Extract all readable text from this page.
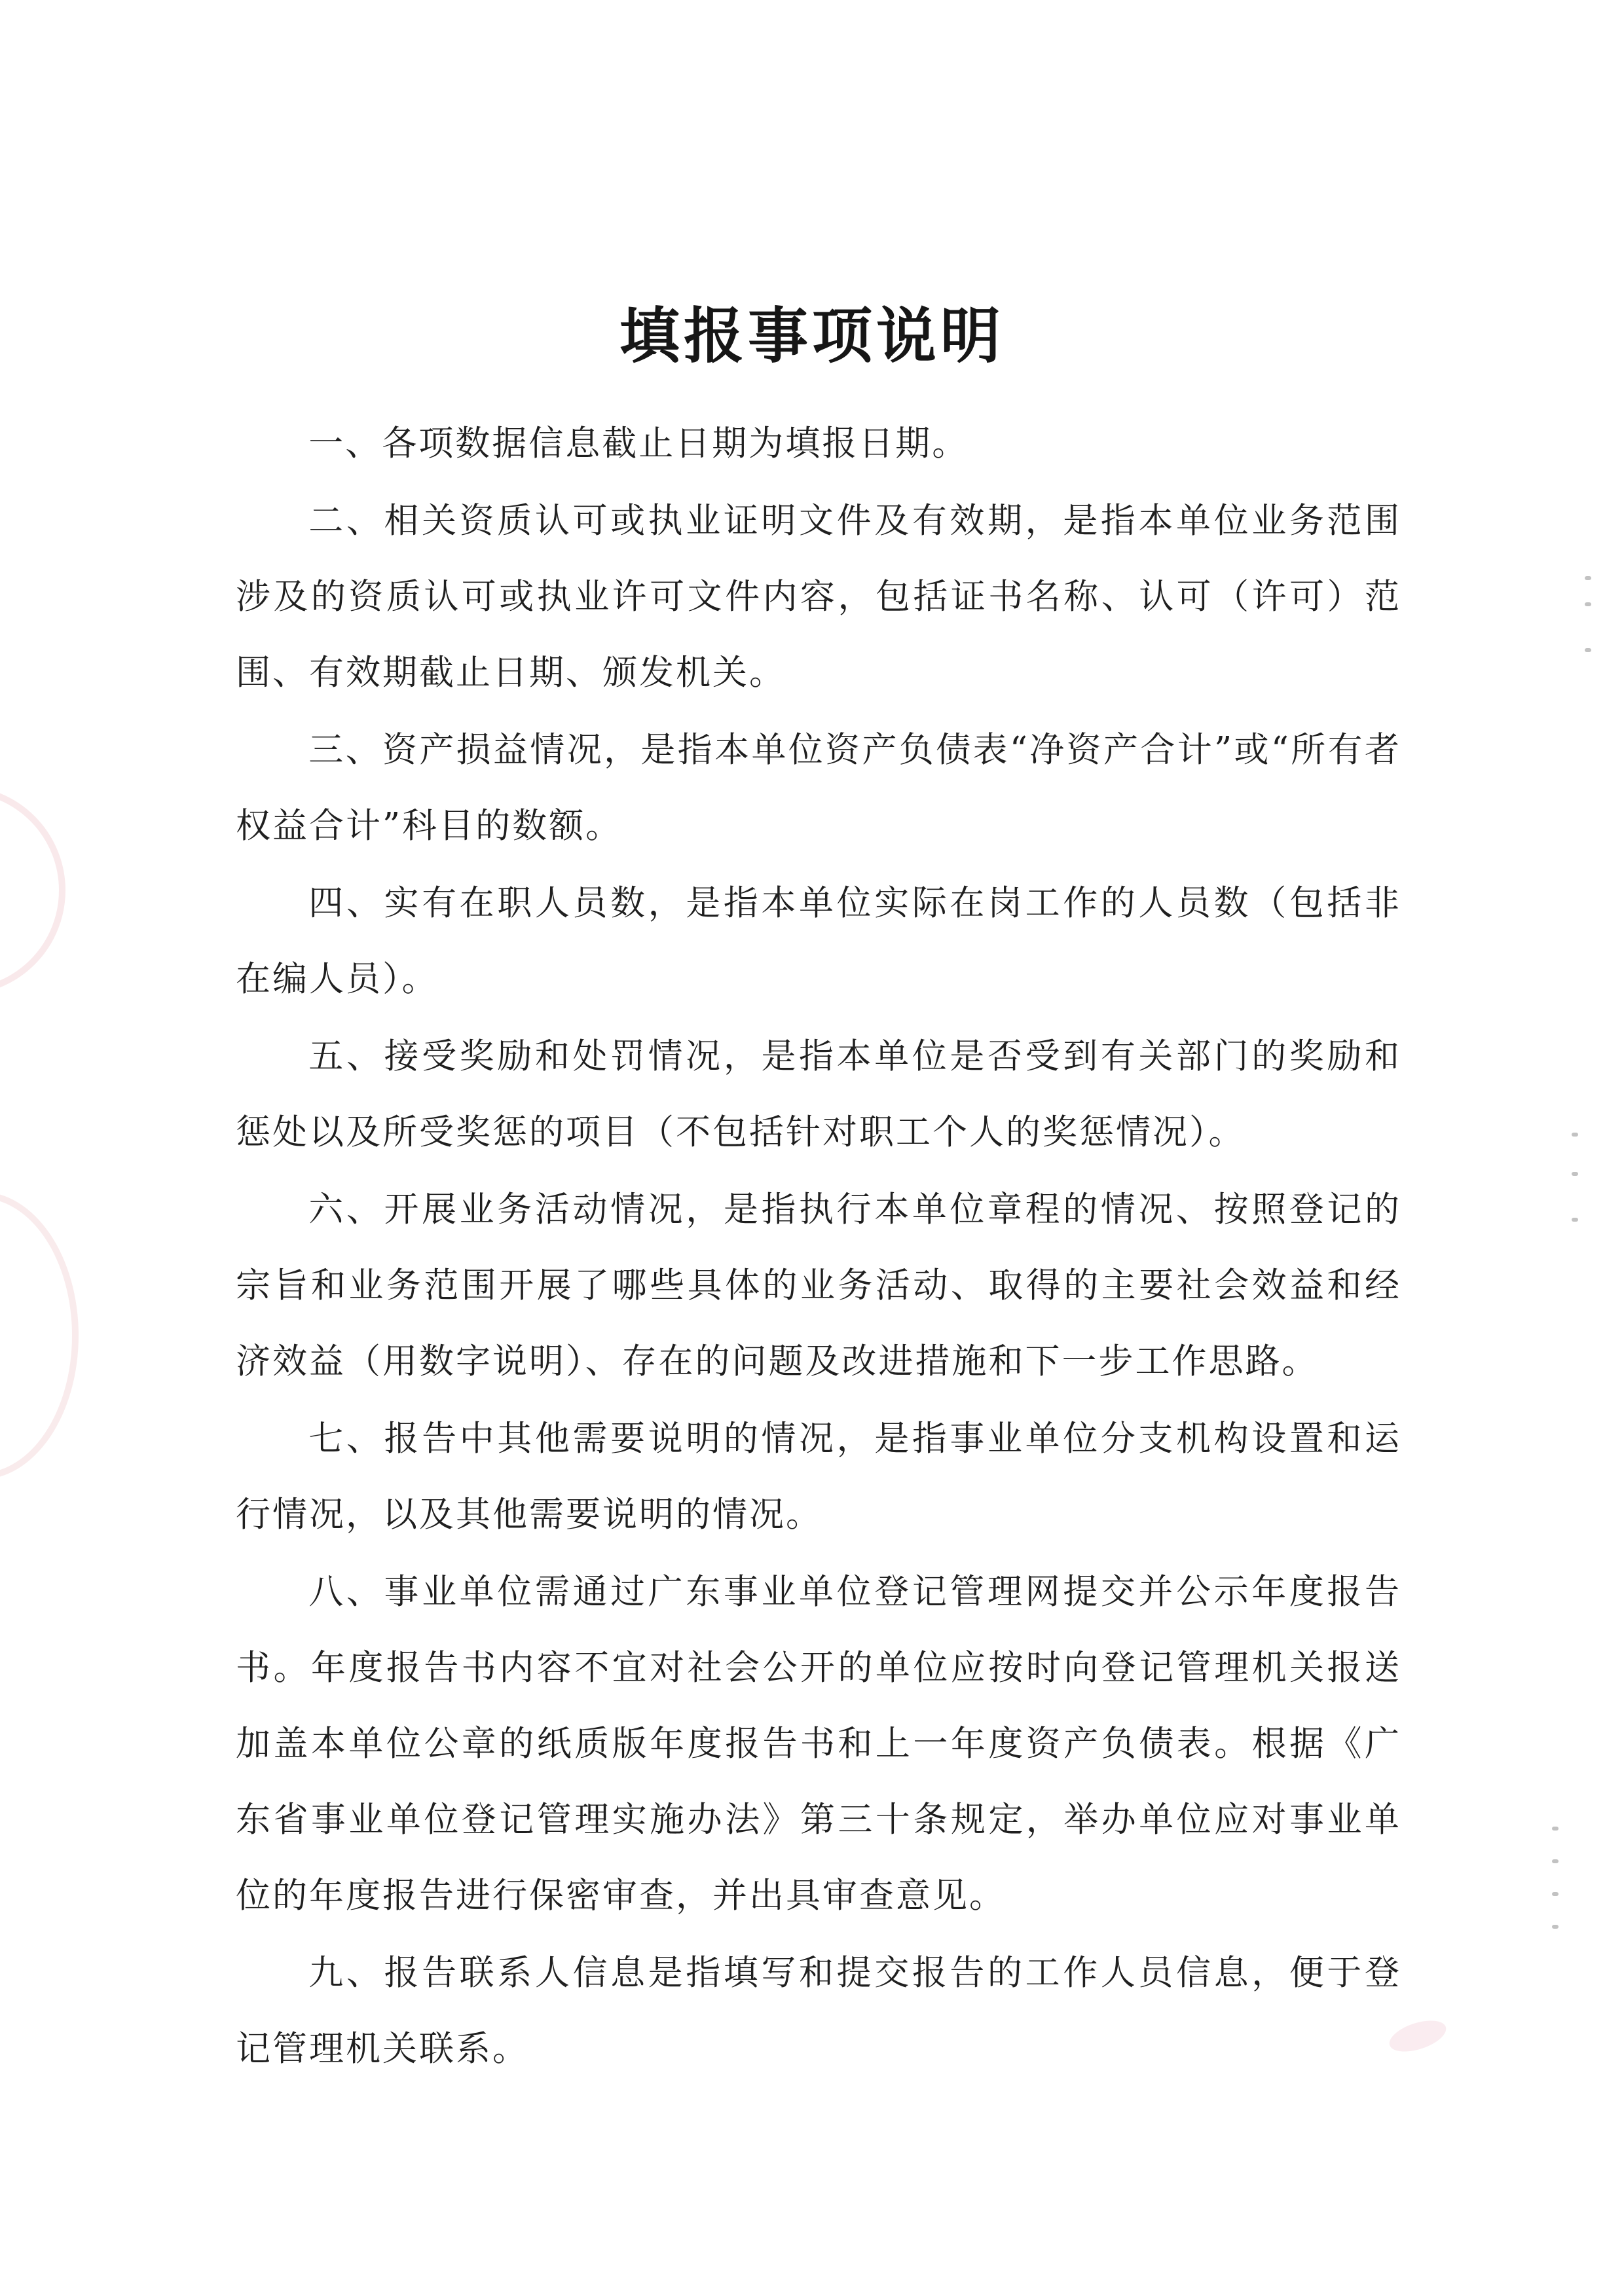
填报事项说明

一、各项数据信息截止日期为填报日期。

二、相关资质认可或执业证明文件及有效期，是指本单位业务范围涉及的资质认可或执业许可文件内容，包括证书名称、认可（许可）范围、有效期截止日期、颁发机关。

三、资产损益情况，是指本单位资产负债表“净资产合计”或“所有者权益合计”科目的数额。

四、实有在职人员数，是指本单位实际在岗工作的人员数（包括非在编人员）。

五、接受奖励和处罚情况，是指本单位是否受到有关部门的奖励和惩处以及所受奖惩的项目（不包括针对职工个人的奖惩情况）。

六、开展业务活动情况，是指执行本单位章程的情况、按照登记的宗旨和业务范围开展了哪些具体的业务活动、取得的主要社会效益和经济效益（用数字说明）、存在的问题及改进措施和下一步工作思路。

七、报告中其他需要说明的情况，是指事业单位分支机构设置和运行情况，以及其他需要说明的情况。

八、事业单位需通过广东事业单位登记管理网提交并公示年度报告书。年度报告书内容不宜对社会公开的单位应按时向登记管理机关报送加盖本单位公章的纸质版年度报告书和上一年度资产负债表。根据《广东省事业单位登记管理实施办法》第三十条规定，举办单位应对事业单位的年度报告进行保密审查，并出具审查意见。

九、报告联系人信息是指填写和提交报告的工作人员信息，便于登记管理机关联系。
